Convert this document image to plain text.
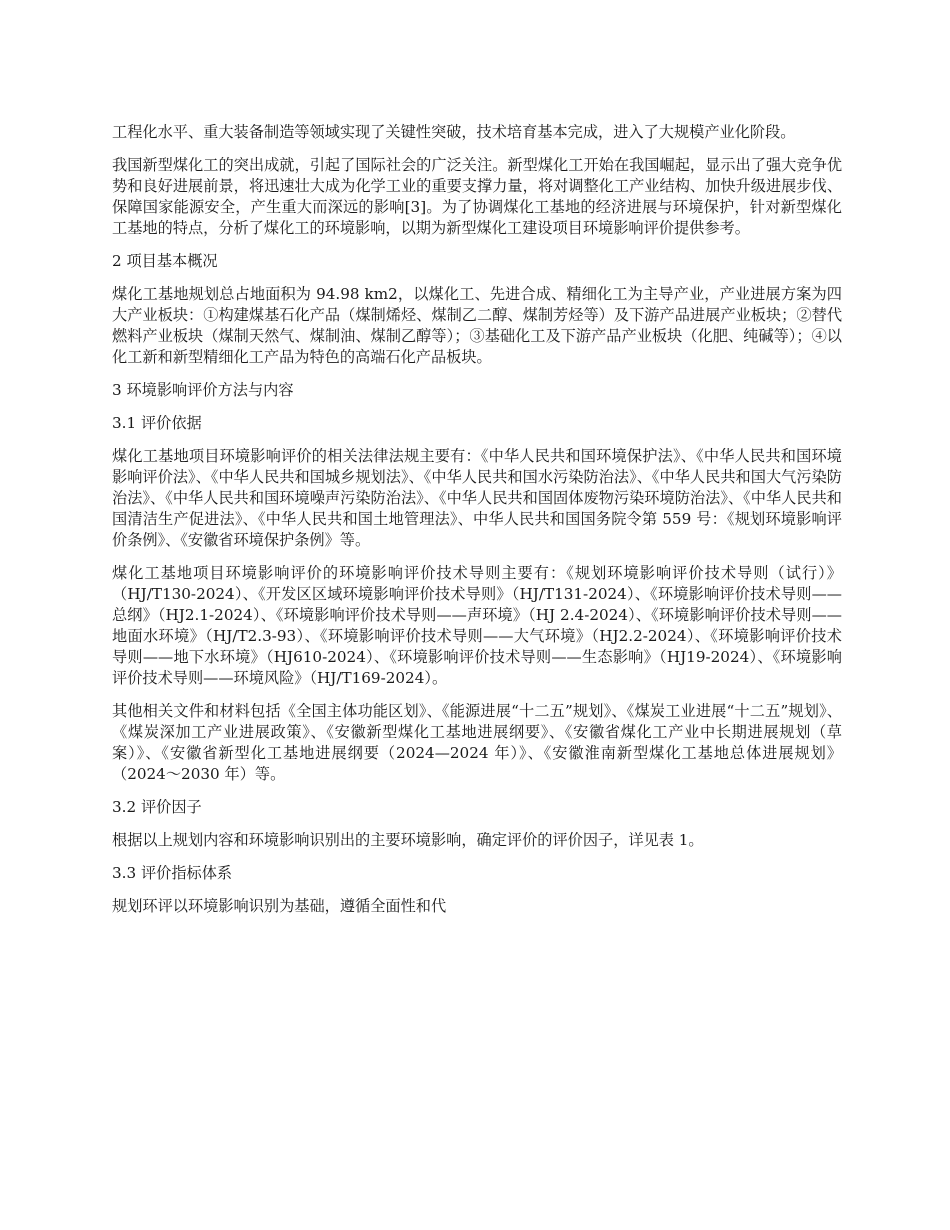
工程化水平、重大装备制造等领域实现了关键性突破，技术培育基本完成，进入了大规模产业化阶段。

我国新型煤化工的突出成就，引起了国际社会的广泛关注。新型煤化工开始在我国崛起，显示出了强大竞争优势和良好进展前景，将迅速壮大成为化学工业的重要支撑力量，将对调整化工产业结构、加快升级进展步伐、保障国家能源安全，产生重大而深远的影响[3]。为了协调煤化工基地的经济进展与环境保护，针对新型煤化工基地的特点，分析了煤化工的环境影响，以期为新型煤化工建设项目环境影响评价提供参考。

2 项目基本概况

煤化工基地规划总占地面积为 94.98 km2，以煤化工、先进合成、精细化工为主导产业，产业进展方案为四大产业板块：①构建煤基石化产品（煤制烯烃、煤制乙二醇、煤制芳烃等）及下游产品进展产业板块；②替代燃料产业板块（煤制天然气、煤制油、煤制乙醇等）；③基础化工及下游产品产业板块（化肥、纯碱等）；④以化工新和新型精细化工产品为特色的高端石化产品板块。

3 环境影响评价方法与内容

3.1 评价依据

煤化工基地项目环境影响评价的相关法律法规主要有：《中华人民共和国环境保护法》、《中华人民共和国环境影响评价法》、《中华人民共和国城乡规划法》、《中华人民共和国水污染防治法》、《中华人民共和国大气污染防治法》、《中华人民共和国环境噪声污染防治法》、《中华人民共和国固体废物污染环境防治法》、《中华人民共和国清洁生产促进法》、《中华人民共和国土地管理法》、中华人民共和国国务院令第 559 号：《规划环境影响评价条例》、《安徽省环境保护条例》等。

煤化工基地项目环境影响评价的环境影响评价技术导则主要有：《规划环境影响评价技术导则（试行）》（HJ/T130-2024）、《开发区区域环境影响评价技术导则》（HJ/T131-2024）、《环境影响评价技术导则——总纲》（HJ2.1-2024）、《环境影响评价技术导则——声环境》（HJ 2.4-2024）、《环境影响评价技术导则——地面水环境》（HJ/T2.3-93）、《环境影响评价技术导则——大气环境》（HJ2.2-2024）、《环境影响评价技术导则——地下水环境》（HJ610-2024）、《环境影响评价技术导则——生态影响》（HJ19-2024）、《环境影响评价技术导则——环境风险》（HJ/T169-2024）。

其他相关文件和材料包括《全国主体功能区划》、《能源进展“十二五”规划》、《煤炭工业进展“十二五”规划》、《煤炭深加工产业进展政策》、《安徽新型煤化工基地进展纲要》、《安徽省煤化工产业中长期进展规划（草案）》、《安徽省新型化工基地进展纲要（2024—2024 年）》、《安徽淮南新型煤化工基地总体进展规划》（2024～2030 年）等。

3.2 评价因子

根据以上规划内容和环境影响识别出的主要环境影响，确定评价的评价因子，详见表 1。

3.3 评价指标体系

规划环评以环境影响识别为基础，遵循全面性和代
